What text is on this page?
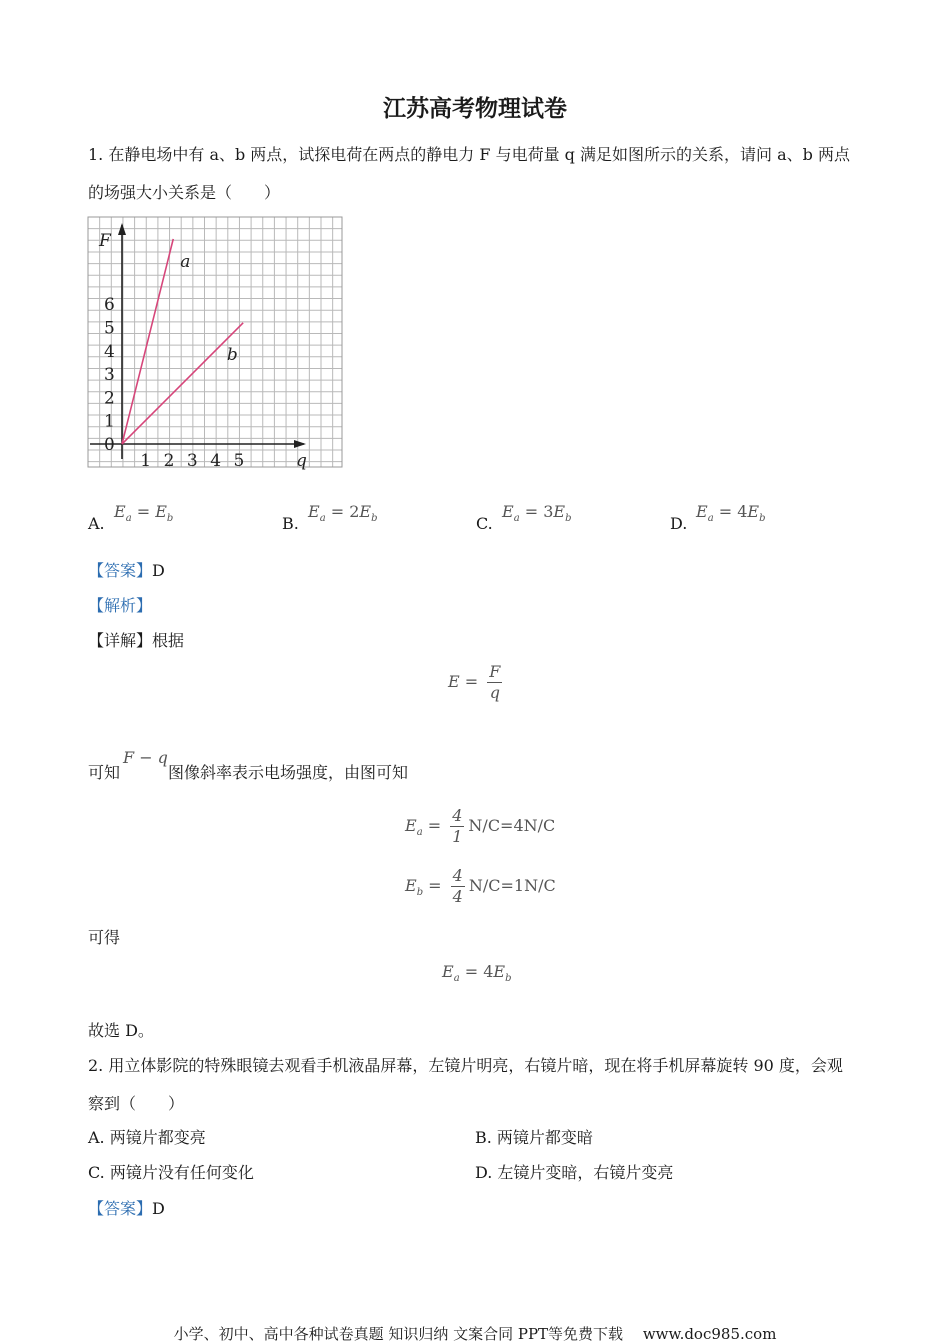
江苏高考物理试卷
1. 在静电场中有 a、b 两点，试探电荷在两点的静电力 F 与电荷量 q 满足如图所示的关系，请问 a、b 两点
的场强大小关系是（　　）
1
2
3
4
5
6
0
1 2 3 4 5
F
q
a
b
A.
$E_a = E_b$	B.
$E_a = 2E_b$	C.
$E_a = 3E_b$	D.
$E_a = 4E_b$
【答案】D
【解析】
【详解】根据
$E = \frac{F}{q}$
可知
F − q
图像斜率表示电场强度，由图可知
$E_a = \frac{4}{1} N/C=4N/C$
$E_b = \frac{4}{4} N/C=1N/C$
可得
$E_a = 4E_b$
故选 D。
2. 用立体影院的特殊眼镜去观看手机液晶屏幕，左镜片明亮，右镜片暗，现在将手机屏幕旋转 90 度，会观
察到（　　）
A. 两镜片都变亮	B. 两镜片都变暗
C. 两镜片没有任何变化	D. 左镜片变暗，右镜片变亮
【答案】D
小学、初中、高中各种试卷真题 知识归纳 文案合同 PPT等免费下载　 www.doc985.com
